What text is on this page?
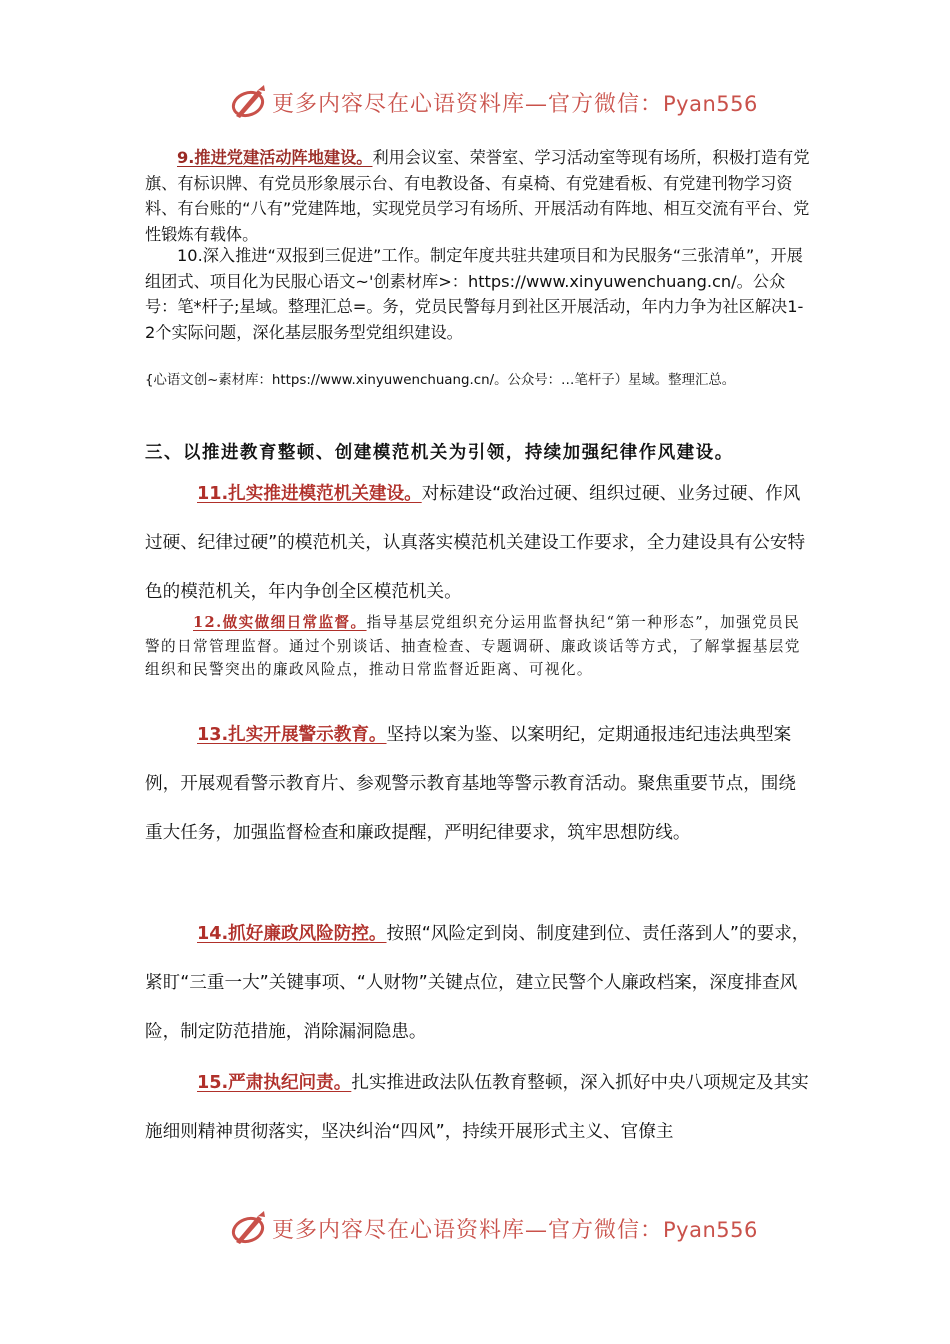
更多内容尽在心语资料库—官方微信：Pyan556

9.推进党建活动阵地建设。利用会议室、荣誉室、学习活动室等现有场所，积极打造有党旗、有标识牌、有党员形象展示台、有电教设备、有桌椅、有党建看板、有党建刊物学习资料、有台账的“八有”党建阵地，实现党员学习有场所、开展活动有阵地、相互交流有平台、党性锻炼有载体。

10.深入推进“双报到三促进”工作。制定年度共驻共建项目和为民服务“三张清单”，开展组团式、项目化为民服心语文~'创素材库>：https://www.xinyuwenchuang.cn/。公众号：笔*杆子;星域。整理汇总=。务，党员民警每月到社区开展活动，年内力争为社区解决1-2个实际问题，深化基层服务型党组织建设。

{心语文创~素材库：https://www.xinyuwenchuang.cn/。公众号：…笔杆子）星域。整理汇总。

三、以推进教育整顿、创建模范机关为引领，持续加强纪律作风建设。

11.扎实推进模范机关建设。对标建设“政治过硬、组织过硬、业务过硬、作风过硬、纪律过硬”的模范机关，认真落实模范机关建设工作要求，全力建设具有公安特色的模范机关，年内争创全区模范机关。

12.做实做细日常监督。指导基层党组织充分运用监督执纪“第一种形态”，加强党员民警的日常管理监督。通过个别谈话、抽查检查、专题调研、廉政谈话等方式，了解掌握基层党组织和民警突出的廉政风险点，推动日常监督近距离、可视化。

13.扎实开展警示教育。坚持以案为鉴、以案明纪，定期通报违纪违法典型案例，开展观看警示教育片、参观警示教育基地等警示教育活动。聚焦重要节点，围绕重大任务，加强监督检查和廉政提醒，严明纪律要求，筑牢思想防线。

14.抓好廉政风险防控。按照“风险定到岗、制度建到位、责任落到人”的要求，紧盯“三重一大”关键事项、“人财物”关键点位，建立民警个人廉政档案，深度排查风险，制定防范措施，消除漏洞隐患。

15.严肃执纪问责。扎实推进政法队伍教育整顿，深入抓好中央八项规定及其实施细则精神贯彻落实，坚决纠治“四风”，持续开展形式主义、官僚主

更多内容尽在心语资料库—官方微信：Pyan556
